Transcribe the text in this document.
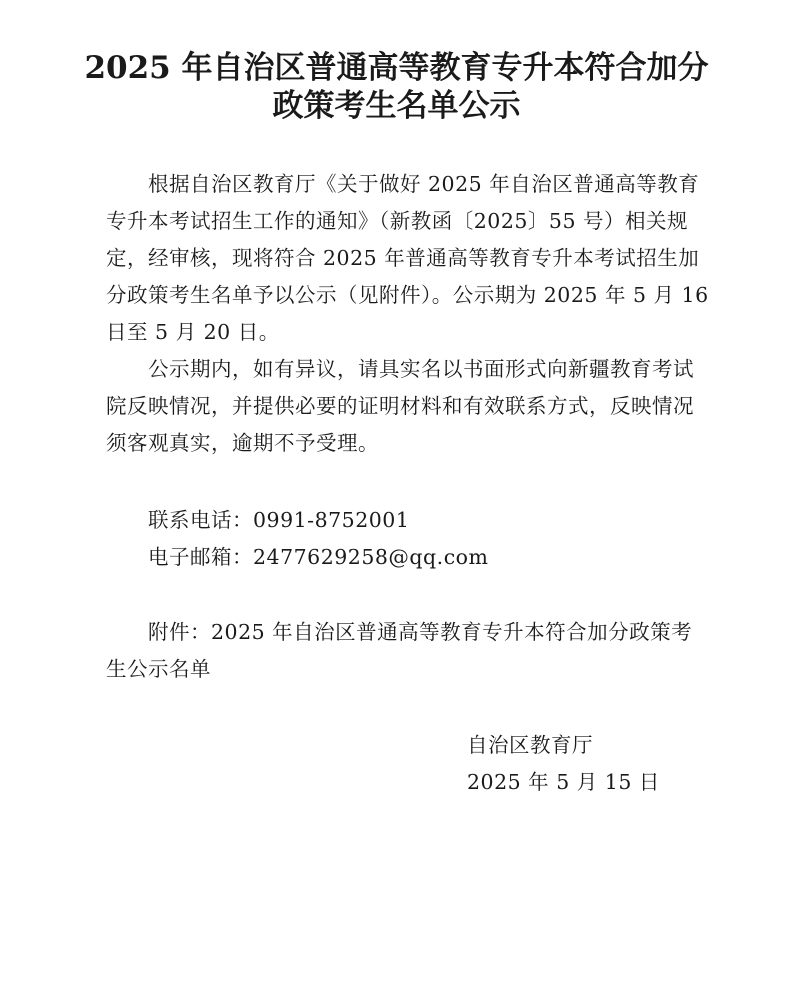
2025 年自治区普通高等教育专升本符合加分
政策考生名单公示
根据自治区教育厅《关于做好 2025 年自治区普通高等教育
专升本考试招生工作的通知》（新教函〔2025〕55 号）相关规
定，经审核，现将符合 2025 年普通高等教育专升本考试招生加
分政策考生名单予以公示（见附件）。公示期为 2025 年 5 月 16
日至 5 月 20 日。
公示期内，如有异议，请具实名以书面形式向新疆教育考试
院反映情况，并提供必要的证明材料和有效联系方式，反映情况
须客观真实，逾期不予受理。
联系电话：0991-8752001
电子邮箱：2477629258@qq.com
附件：2025 年自治区普通高等教育专升本符合加分政策考
生公示名单
自治区教育厅
2025 年 5 月 15 日
